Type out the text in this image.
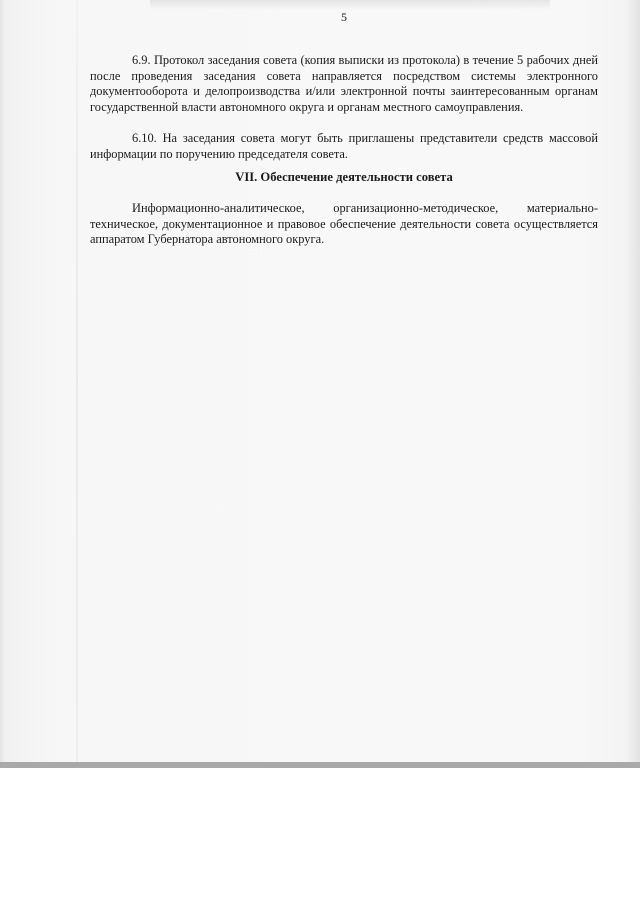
5

6.9. Протокол заседания совета (копия выписки из протокола) в течение 5 рабочих дней после проведения заседания совета направляется посредством системы электронного документооборота и делопроизводства и/или электронной почты заинтересованным органам государственной власти автономного округа и органам местного самоуправления.

6.10. На заседания совета могут быть приглашены представители средств массовой информации по поручению председателя совета.

VII. Обеспечение деятельности совета

Информационно-аналитическое, организационно-методическое, материально-техническое, документационное и правовое обеспечение деятельности совета осуществляется аппаратом Губернатора автономного округа.
